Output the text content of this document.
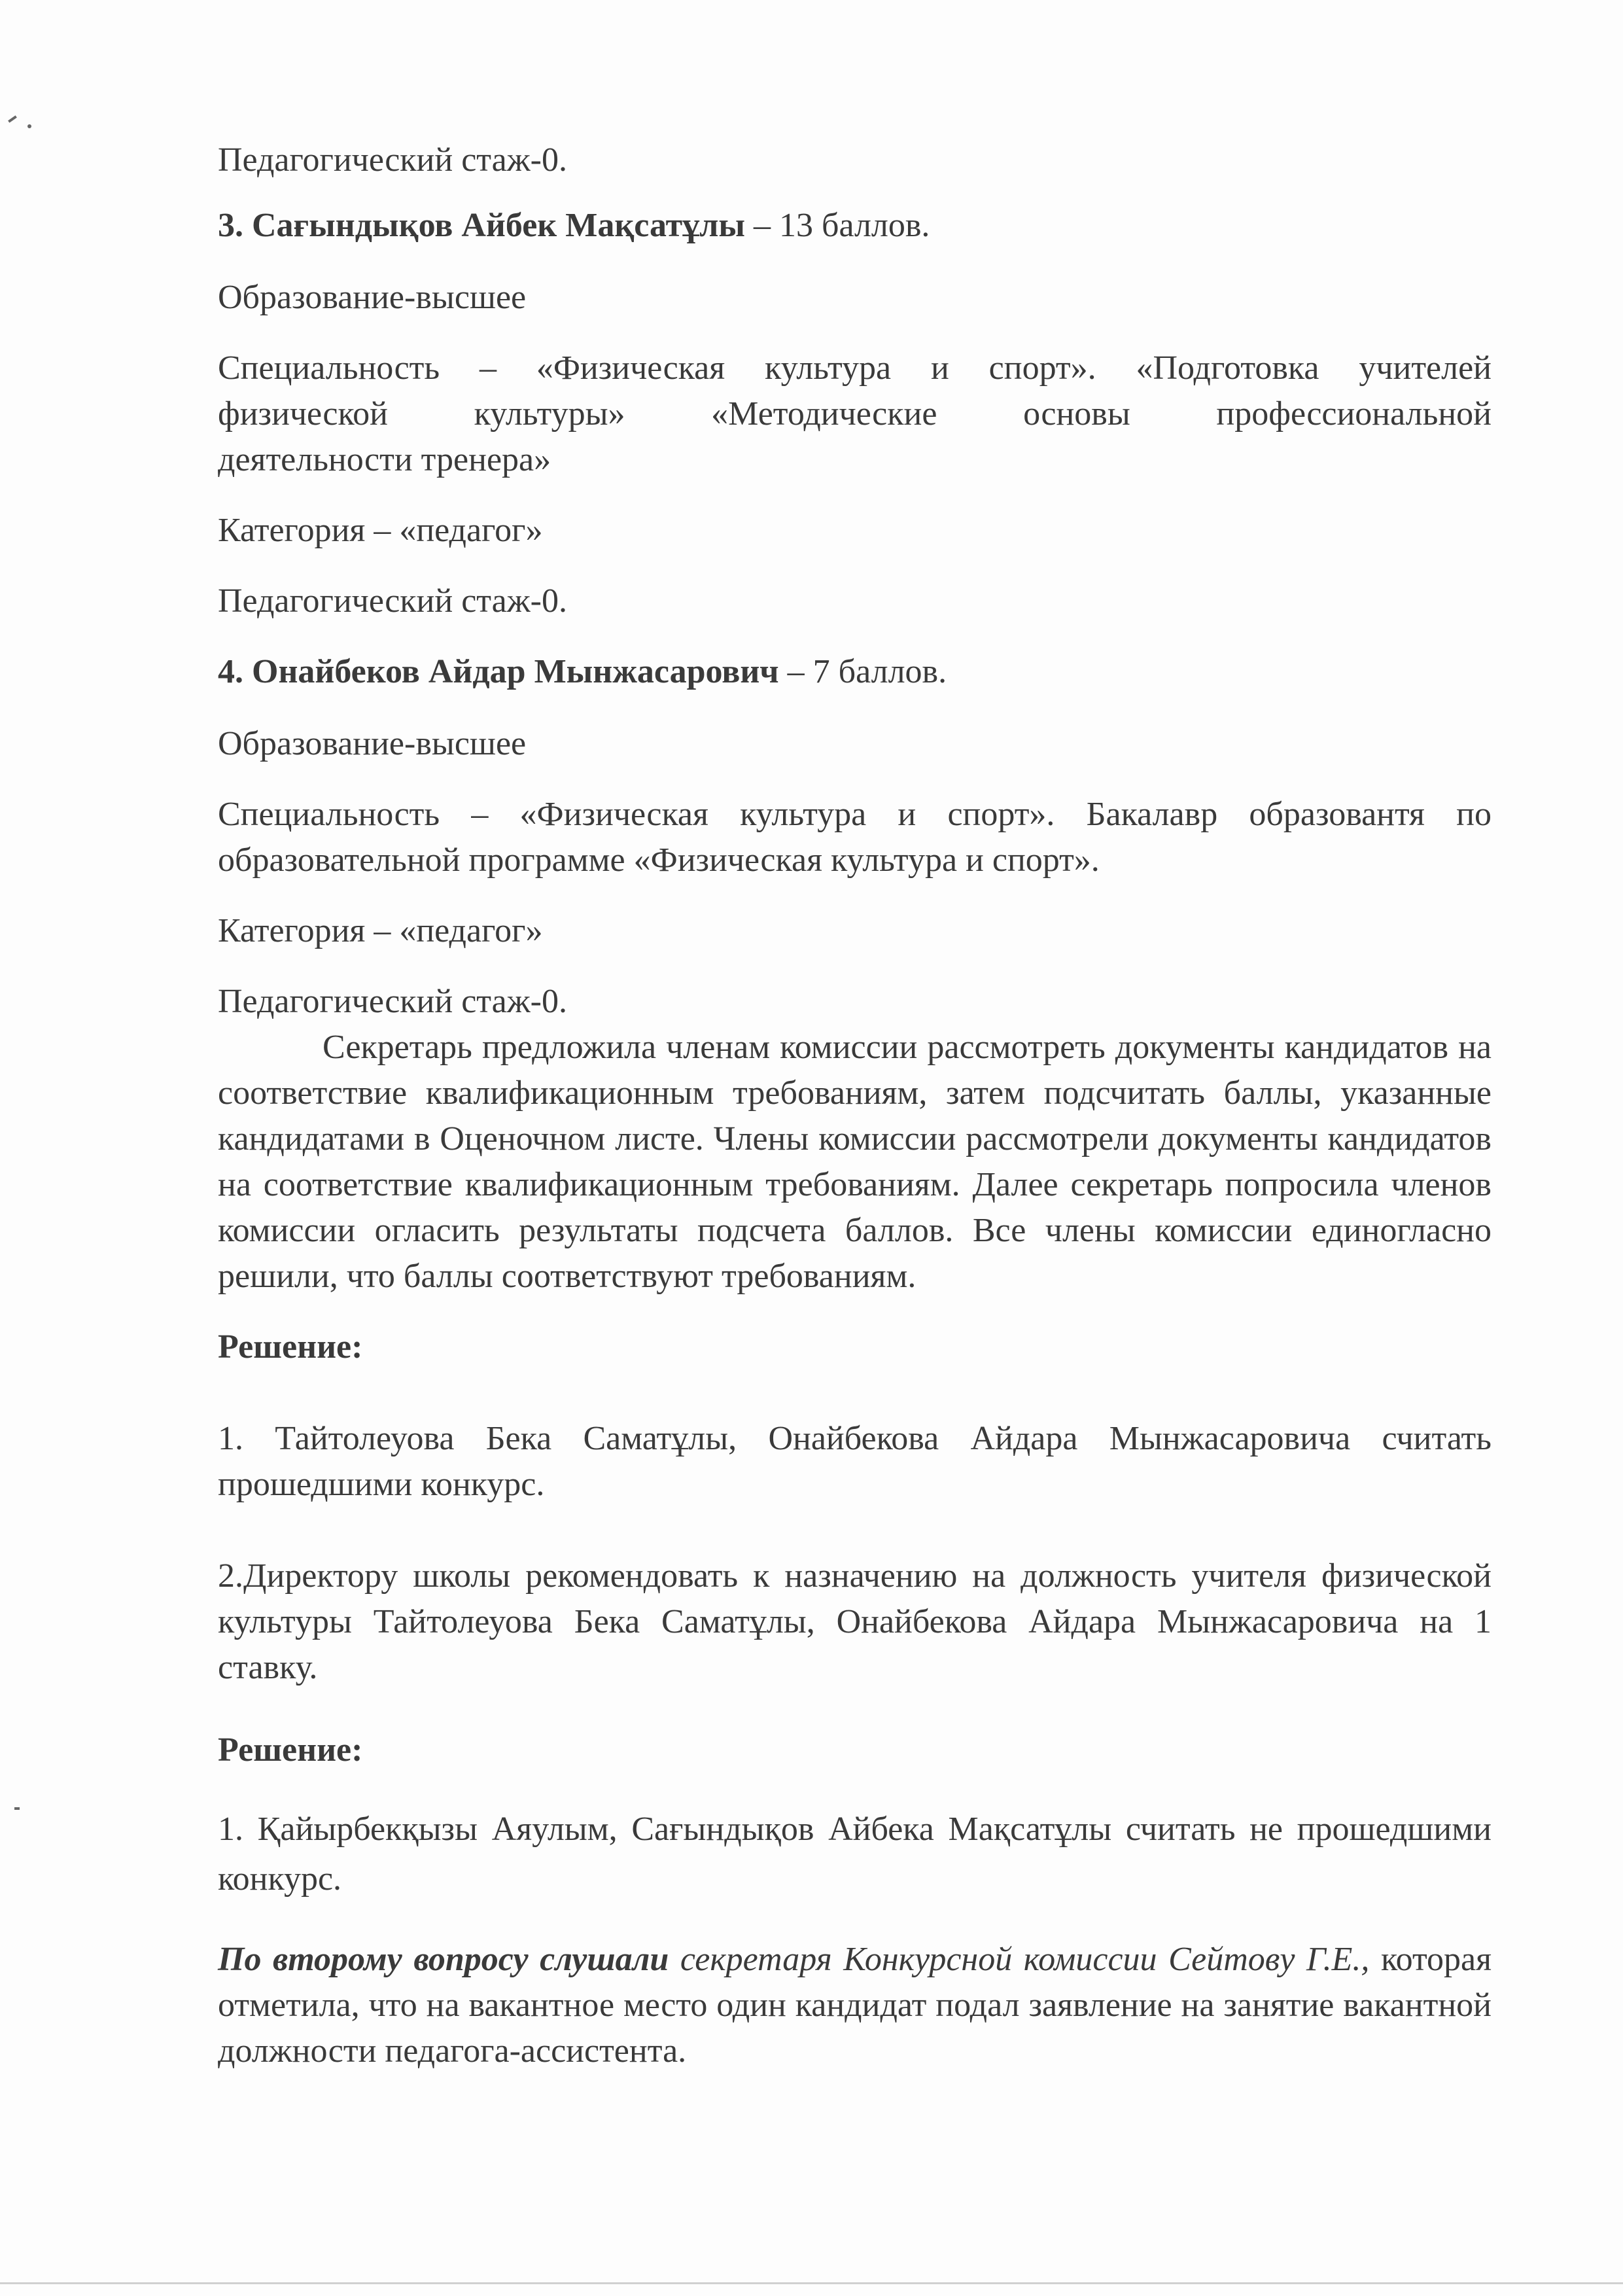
Педагогический стаж-0.

3. Сағындықов Айбек Мақсатұлы – 13 баллов.

Образование-высшее

Специальность – «Физическая культура и спорт». «Подготовка учителей

физической культуры» «Методические основы профессиональной

деятельности тренера»

Категория – «педагог»

Педагогический стаж-0.

4. Онайбеков Айдар Мынжасарович – 7 баллов.

Образование-высшее

Специальность – «Физическая культура и спорт». Бакалавр образовантя по

образовательной программе «Физическая культура и спорт».

Категория – «педагог»

Педагогический стаж-0.

Секретарь предложила членам комиссии рассмотреть документы кандидатов на соответствие квалификационным требованиям, затем подсчитать баллы, указанные кандидатами в Оценочном листе. Члены комиссии рассмотрели документы кандидатов на соответствие квалификационным требованиям. Далее секретарь попросила членов комиссии огласить результаты подсчета баллов. Все члены комиссии единогласно решили, что баллы соответствуют требованиям.

Решение:

1. Тайтолеуова Бека Саматұлы, Онайбекова Айдара Мынжасаровича считать прошедшими конкурс.

2.Директору школы рекомендовать к назначению на должность учителя физической культуры Тайтолеуова Бека Саматұлы, Онайбекова Айдара Мынжасаровича на 1 ставку.

Решение:

1. Қайырбекқызы Аяулым, Сағындықов Айбека Мақсатұлы считать не прошедшими конкурс.

По второму вопросу слушали секретаря Конкурсной комиссии Сейтову Г.Е., которая отметила, что на вакантное место один кандидат подал заявление на занятие вакантной должности педагога-ассистента.
